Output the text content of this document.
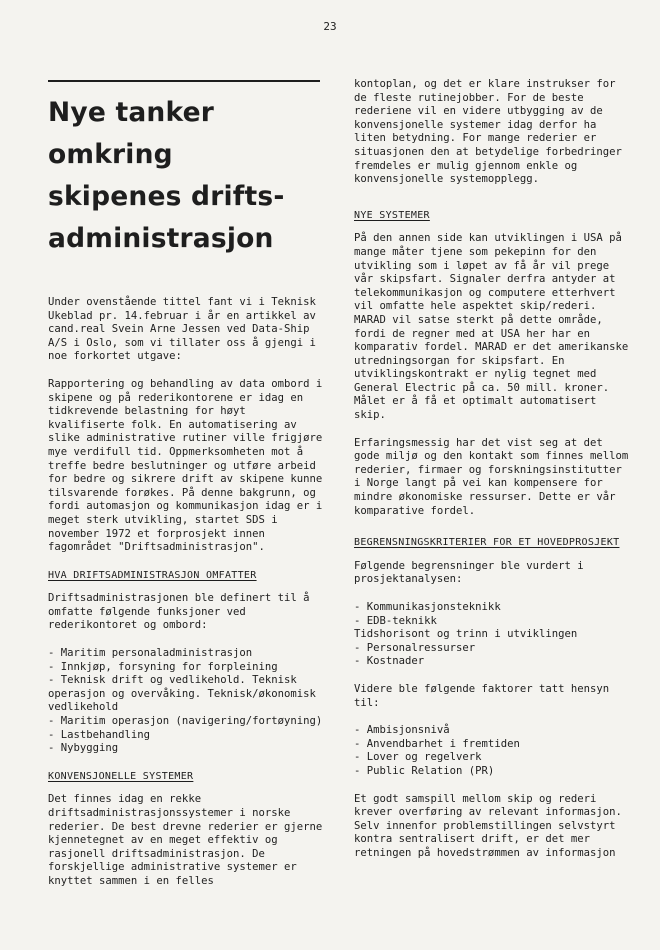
23
Nye tanker omkring
skipenes drifts-
administrasjon

Under ovenstående tittel fant vi i Teknisk Ukeblad pr. 14.februar i år en artikkel av cand.real Svein Arne Jessen ved Data-Ship A/S i Oslo, som vi tillater oss å gjengi i noe forkortet utgave:

Rapportering og behandling av data ombord i skipene og på rederikontorene er idag en tidkrevende belastning for høyt kvalifiserte folk. En automatisering av slike administrative rutiner ville frigjøre mye verdifull tid. Oppmerksomheten mot å treffe bedre beslutninger og utføre arbeid for bedre og sikrere drift av skipene kunne tilsvarende forøkes. På denne bakgrunn, og fordi automasjon og kommunikasjon idag er i meget sterk utvikling, startet SDS i november 1972 et forprosjekt innen fagområdet "Driftsadministrasjon".

HVA DRIFTSADMINISTRASJON OMFATTER

Driftsadministrasjonen ble definert til å omfatte følgende funksjoner ved rederikontoret og ombord:

- Maritim personaladministrasjon
- Innkjøp, forsyning for forpleining
- Teknisk drift og vedlikehold. Teknisk operasjon og overvåking. Teknisk/økonomisk vedlikehold
- Maritim operasjon (navigering/fortøyning)
- Lastbehandling
- Nybygging
KONVENSJONELLE SYSTEMER

Det finnes idag en rekke driftsadministrasjonssystemer i norske rederier. De best drevne rederier er gjerne kjennetegnet av en meget effektiv og rasjonell driftsadministrasjon. De forskjellige administrative systemer er knyttet sammen i en felles

kontoplan, og det er klare instrukser for de fleste rutinejobber. For de beste rederiene vil en videre utbygging av de konvensjonelle systemer idag derfor ha liten betydning. For mange rederier er situasjonen den at betydelige forbedringer fremdeles er mulig gjennom enkle og konvensjonelle systemopplegg.

NYE SYSTEMER

På den annen side kan utviklingen i USA på mange måter tjene som pekepinn for den utvikling som i løpet av få år vil prege vår skipsfart. Signaler derfra antyder at telekommunikasjon og computere etterhvert vil omfatte hele aspektet skip/rederi. MARAD vil satse sterkt på dette område, fordi de regner med at USA her har en komparativ fordel. MARAD er det amerikanske utredningsorgan for skipsfart. En utviklingskontrakt er nylig tegnet med General Electric på ca. 50 mill. kroner. Målet er å få et optimalt automatisert skip.

Erfaringsmessig har det vist seg at det gode miljø og den kontakt som finnes mellom rederier, firmaer og forskningsinstitutter i Norge langt på vei kan kompensere for mindre økonomiske ressurser. Dette er vår komparative fordel.

BEGRENSNINGSKRITERIER FOR ET HOVEDPROSJEKT

Følgende begrensninger ble vurdert i prosjektanalysen:

- Kommunikasjonsteknikk
- EDB-teknikk
Tidshorisont og trinn i utviklingen
- Personalressurser
- Kostnader

Videre ble følgende faktorer tatt hensyn til:

- Ambisjonsnivå
- Anvendbarhet i fremtiden
- Lover og regelverk
- Public Relation (PR)

Et godt samspill mellom skip og rederi krever overføring av relevant informasjon. Selv innenfor problemstillingen selvstyrt kontra sentralisert drift, er det mer retningen på hovedstrømmen av informasjon
